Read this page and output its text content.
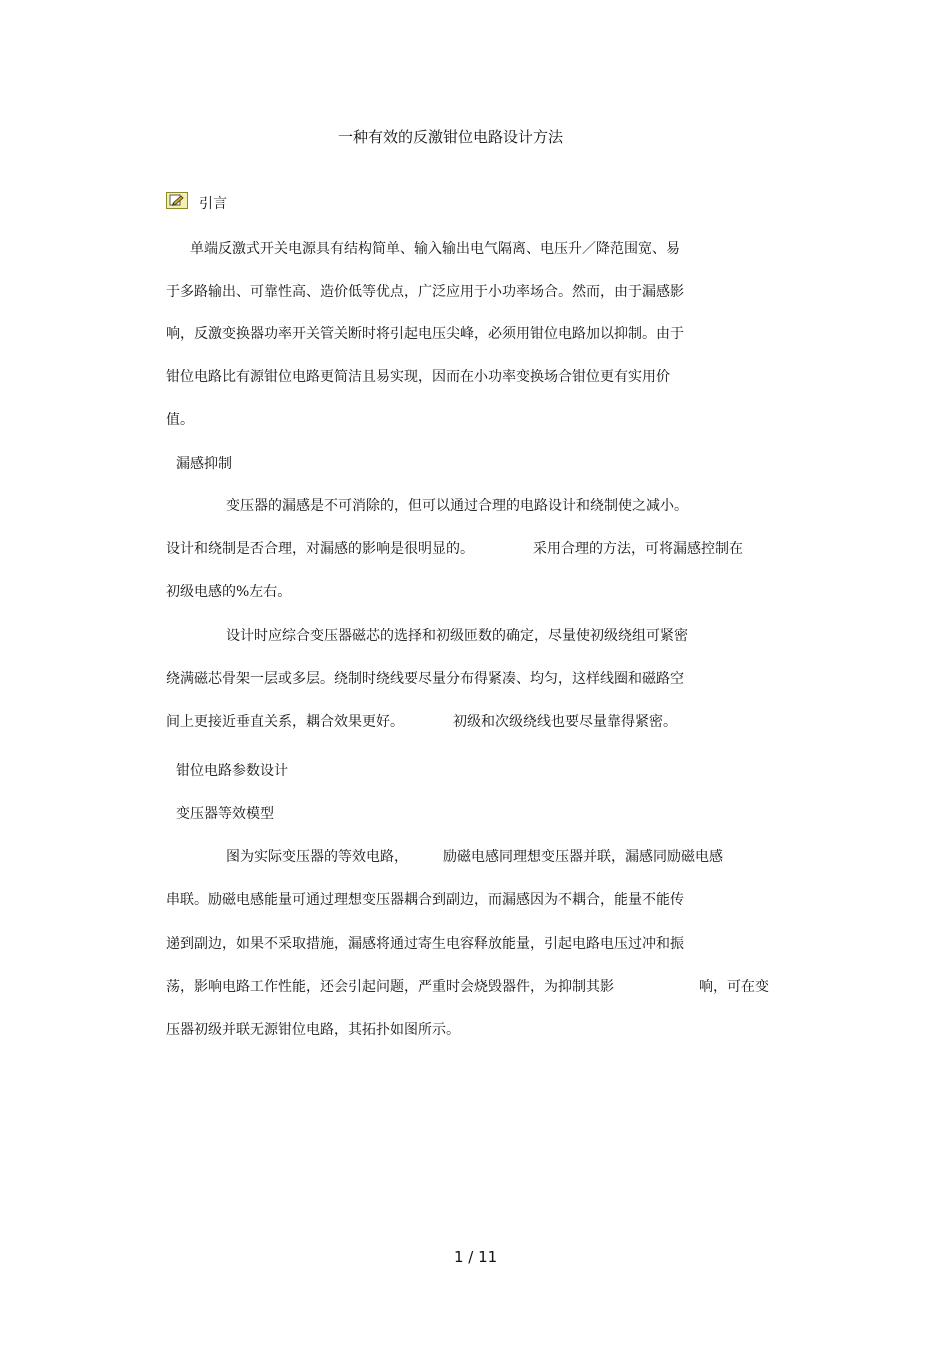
一种有效的反激钳位电路设计方法
引言
单端反激式开关电源具有结构简单、输入输出电气隔离、电压升／降范围宽、易
于多路输出、可靠性高、造价低等优点，广泛应用于小功率场合。然而，由于漏感影
响，反激变换器功率开关管关断时将引起电压尖峰，必须用钳位电路加以抑制。由于
钳位电路比有源钳位电路更简洁且易实现，因而在小功率变换场合钳位更有实用价
值。
漏感抑制
变压器的漏感是不可消除的，但可以通过合理的电路设计和绕制使之减小。
设计和绕制是否合理，对漏感的影响是很明显的。	采用合理的方法，可将漏感控制在
初级电感的%左右。
设计时应综合变压器磁芯的选择和初级匝数的确定，尽量使初级绕组可紧密
绕满磁芯骨架一层或多层。绕制时绕线要尽量分布得紧凑、均匀，这样线圈和磁路空
间上更接近垂直关系，耦合效果更好。	初级和次级绕线也要尽量靠得紧密。
钳位电路参数设计
变压器等效模型
图为实际变压器的等效电路，	励磁电感同理想变压器并联，漏感同励磁电感
串联。励磁电感能量可通过理想变压器耦合到副边，而漏感因为不耦合，能量不能传
递到副边，如果不采取措施，漏感将通过寄生电容释放能量，引起电路电压过冲和振
荡，影响电路工作性能，还会引起问题，严重时会烧毁器件，为抑制其影	响，可在变
压器初级并联无源钳位电路，其拓扑如图所示。
1 / 11
